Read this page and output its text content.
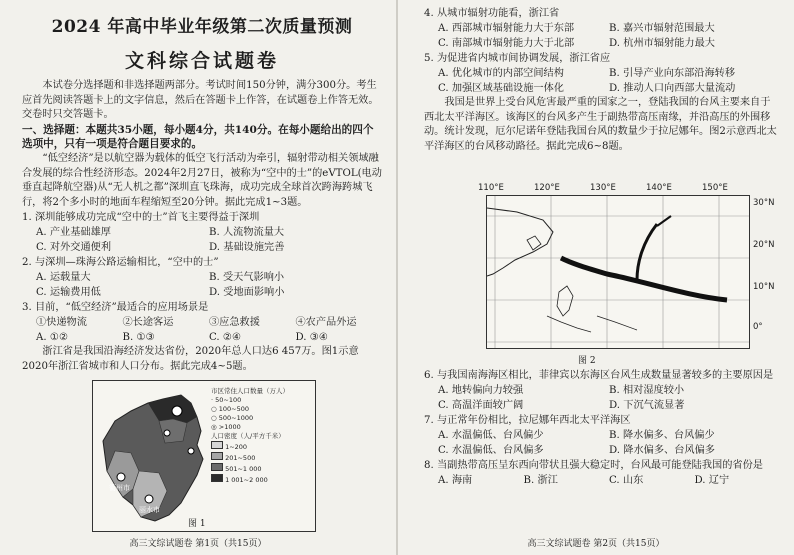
2024 年高中毕业年级第二次质量预测
文科综合试题卷

本试卷分选择题和非选择题两部分。考试时间150分钟，满分300分。考生应首先阅读答题卡上的文字信息，然后在答题卡上作答，在试题卷上作答无效。交卷时只交答题卡。

一、选择题：本题共35小题，每小题4分，共140分。在每小题给出的四个选项中，只有一项是符合题目要求的。

“低空经济”是以航空器为载体的低空飞行活动为牵引，辐射带动相关领域融合发展的综合性经济形态。2024年2月27日，被称为“空中的士”的eVTOL(电动垂直起降航空器)从“无人机之都”深圳直飞珠海，成功完成全球首次跨海跨城飞行，将2个多小时的地面车程缩短至20分钟。据此完成1~3题。

1. 深圳能够成功完成“空中的士”首飞主要得益于深圳

A. 产业基础雄厚	B. 人流物流量大
C. 对外交通便利	D. 基础设施完善

2. 与深圳—珠海公路运输相比，“空中的士”

A. 运载量大	B. 受天气影响小
C. 运输费用低	D. 受地面影响小

3. 目前，“低空经济”最适合的应用场景是

①快递物流	②长途客运	③应急救援	④农产品外运
A. ①②	B. ①③	C. ②④	D. ③④

浙江省是我国沿海经济发达省份，2020年总人口达6 457万。图1示意2020年浙江省城市和人口分布。据此完成4~5题。

衢州市
丽水市
市区常住人口数量（万人）
· 50~100
○ 100~500
○ 500~1000
◎ >1000
人口密度（人/平方千米）
1~200
201~500
501~1 000
1 001~2 000
图 1
高三文综试题卷 第1页（共15页）

4. 从城市辐射功能看，浙江省

A. 西部城市辐射能力大于东部	B. 嘉兴市辐射范围最大
C. 南部城市辐射能力大于北部	D. 杭州市辐射能力最大

5. 为促进省内城市间协调发展，浙江省应

A. 优化城市的内部空间结构	B. 引导产业向东部沿海转移
C. 加强区域基础设施一体化	D. 推动人口向西部大量流动

我国是世界上受台风危害最严重的国家之一，登陆我国的台风主要来自于西北太平洋海区。该海区的台风多产生于副热带高压南缘，并沿高压的外围移动。统计发现，厄尔尼诺年登陆我国台风的数量少于拉尼娜年。图2示意西北太平洋海区的台风移动路径。据此完成6~8题。

110°E	120°E	130°E	140°E	150°E
30°N
20°N
10°N
0°
图 2

6. 与我国南海海区相比，菲律宾以东海区台风生成数量显著较多的主要原因是

A. 地转偏向力较强	B. 相对湿度较小
C. 高温洋面较广阔	D. 下沉气流显著

7. 与正常年份相比，拉尼娜年西北太平洋海区

A. 水温偏低、台风偏少	B. 降水偏多、台风偏少
C. 水温偏低、台风偏多	D. 降水偏多、台风偏多

8. 当副热带高压呈东西向带状且强大稳定时，台风最可能登陆我国的省份是

A. 海南	B. 浙江	C. 山东	D. 辽宁
高三文综试题卷 第2页（共15页）
